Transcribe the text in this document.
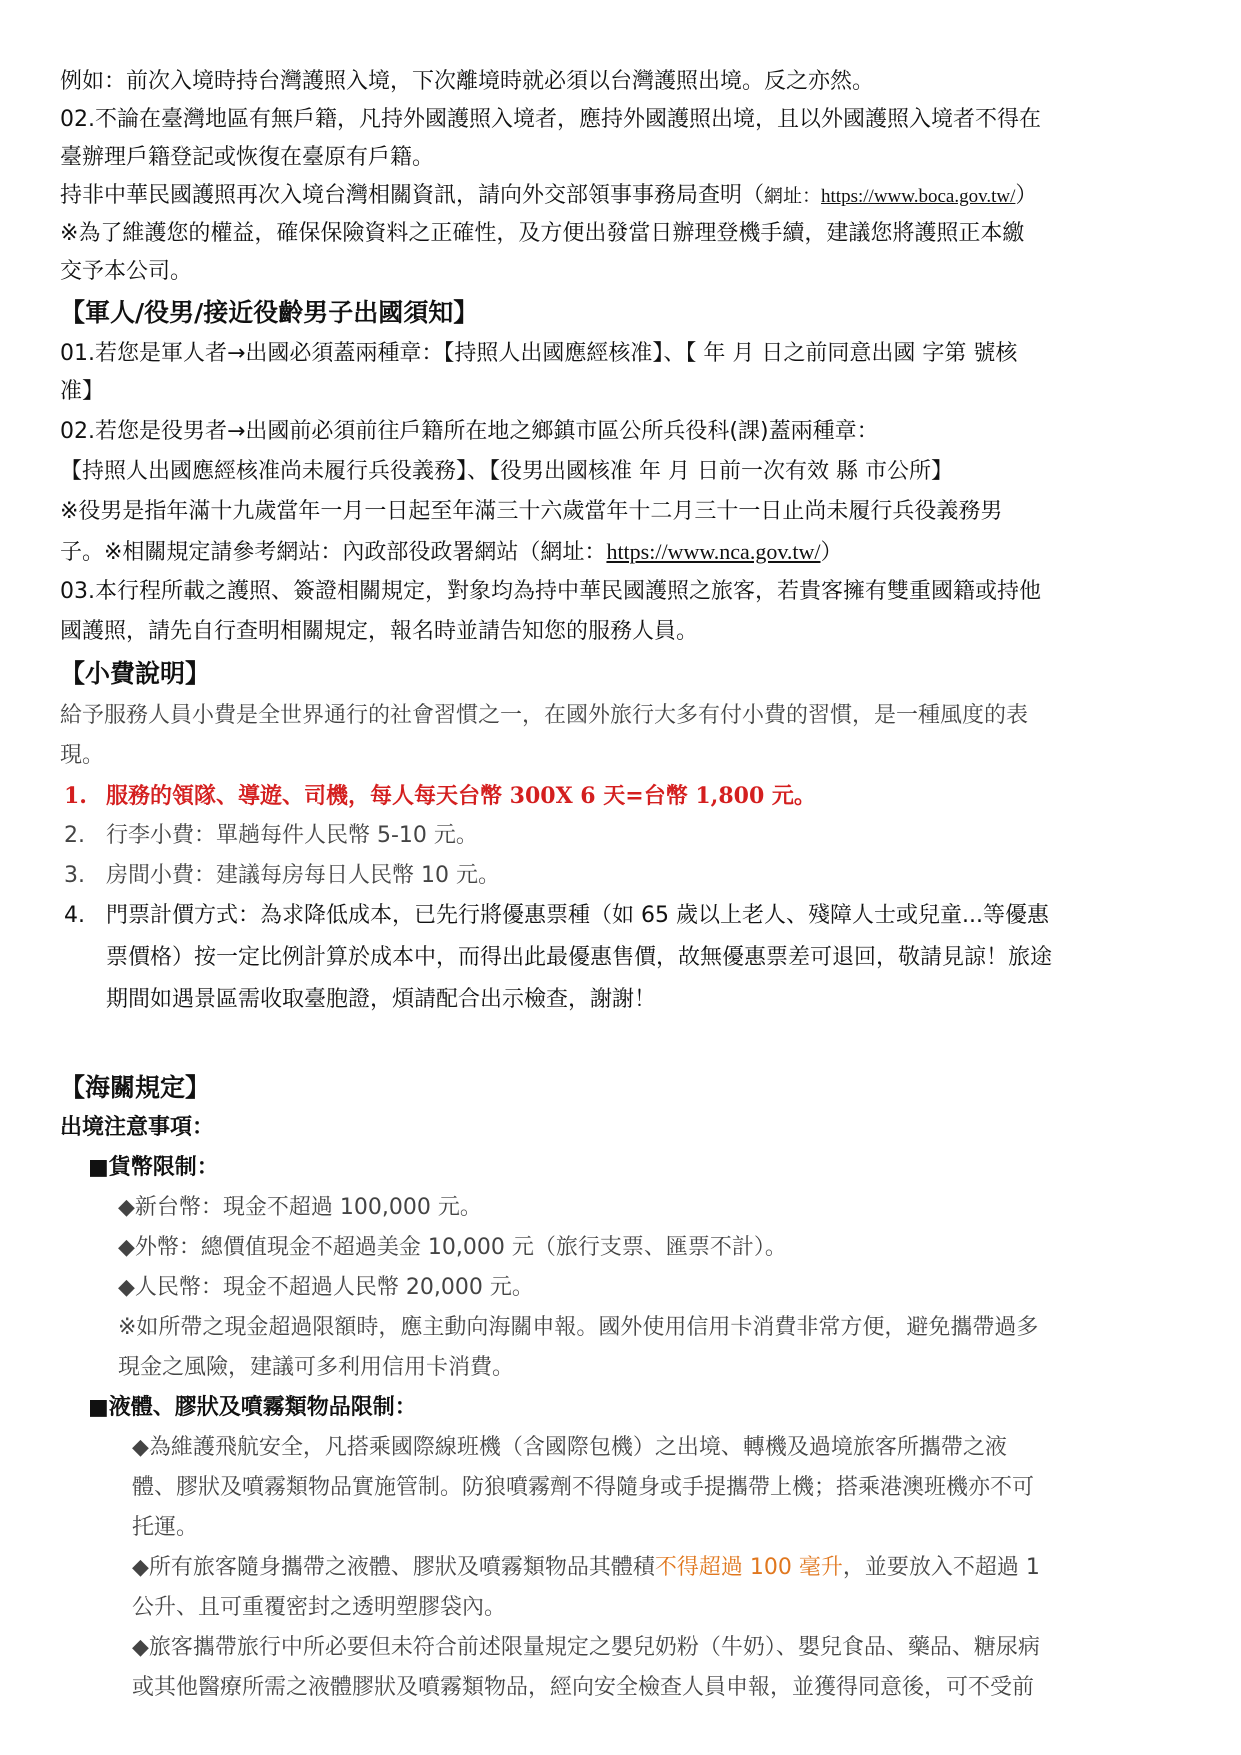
例如：前次入境時持台灣護照入境，下次離境時就必須以台灣護照出境。反之亦然。
02.不論在臺灣地區有無戶籍，凡持外國護照入境者，應持外國護照出境，且以外國護照入境者不得在
臺辦理戶籍登記或恢復在臺原有戶籍。
持非中華民國護照再次入境台灣相關資訊，請向外交部領事事務局查明（網址：https://www.boca.gov.tw/）
※為了維護您的權益，確保保險資料之正確性，及方便出發當日辦理登機手續，建議您將護照正本繳
交予本公司。
【軍人/役男/接近役齡男子出國須知】
01.若您是軍人者→出國必須蓋兩種章：【持照人出國應經核准】、【 年 月 日之前同意出國 字第 號核
准】
02.若您是役男者→出國前必須前往戶籍所在地之鄉鎮市區公所兵役科(課)蓋兩種章：
【持照人出國應經核准尚未履行兵役義務】、【役男出國核准 年 月 日前一次有效 縣 市公所】
※役男是指年滿十九歲當年一月一日起至年滿三十六歲當年十二月三十一日止尚未履行兵役義務男
子。※相關規定請參考網站：內政部役政署網站（網址：https://www.nca.gov.tw/）
03.本行程所載之護照、簽證相關規定，對象均為持中華民國護照之旅客，若貴客擁有雙重國籍或持他
國護照，請先自行查明相關規定，報名時並請告知您的服務人員。
【小費說明】
給予服務人員小費是全世界通行的社會習慣之一，在國外旅行大多有付小費的習慣，是一種風度的表
現。
1. 服務的領隊、導遊、司機，每人每天台幣 300X 6 天=台幣 1,800 元。
2. 行李小費：單趟每件人民幣 5-10 元。
3. 房間小費：建議每房每日人民幣 10 元。
4. 門票計價方式：為求降低成本，已先行將優惠票種（如 65 歲以上老人、殘障人士或兒童...等優惠
票價格）按一定比例計算於成本中，而得出此最優惠售價，故無優惠票差可退回，敬請見諒！旅途
期間如遇景區需收取臺胞證，煩請配合出示檢查，謝謝！
【海關規定】
出境注意事項：
■貨幣限制：
◆新台幣：現金不超過 100,000 元。
◆外幣：總價值現金不超過美金 10,000 元（旅行支票、匯票不計）。
◆人民幣：現金不超過人民幣 20,000 元。
※如所帶之現金超過限額時，應主動向海關申報。國外使用信用卡消費非常方便，避免攜帶過多
現金之風險，建議可多利用信用卡消費。
■液體、膠狀及噴霧類物品限制：
◆為維護飛航安全，凡搭乘國際線班機（含國際包機）之出境、轉機及過境旅客所攜帶之液
體、膠狀及噴霧類物品實施管制。防狼噴霧劑不得隨身或手提攜帶上機；搭乘港澳班機亦不可
托運。
◆所有旅客隨身攜帶之液體、膠狀及噴霧類物品其體積不得超過 100 毫升，並要放入不超過 1
公升、且可重覆密封之透明塑膠袋內。
◆旅客攜帶旅行中所必要但未符合前述限量規定之嬰兒奶粉（牛奶）、嬰兒食品、藥品、糖尿病
或其他醫療所需之液體膠狀及噴霧類物品，經向安全檢查人員申報，並獲得同意後，可不受前
